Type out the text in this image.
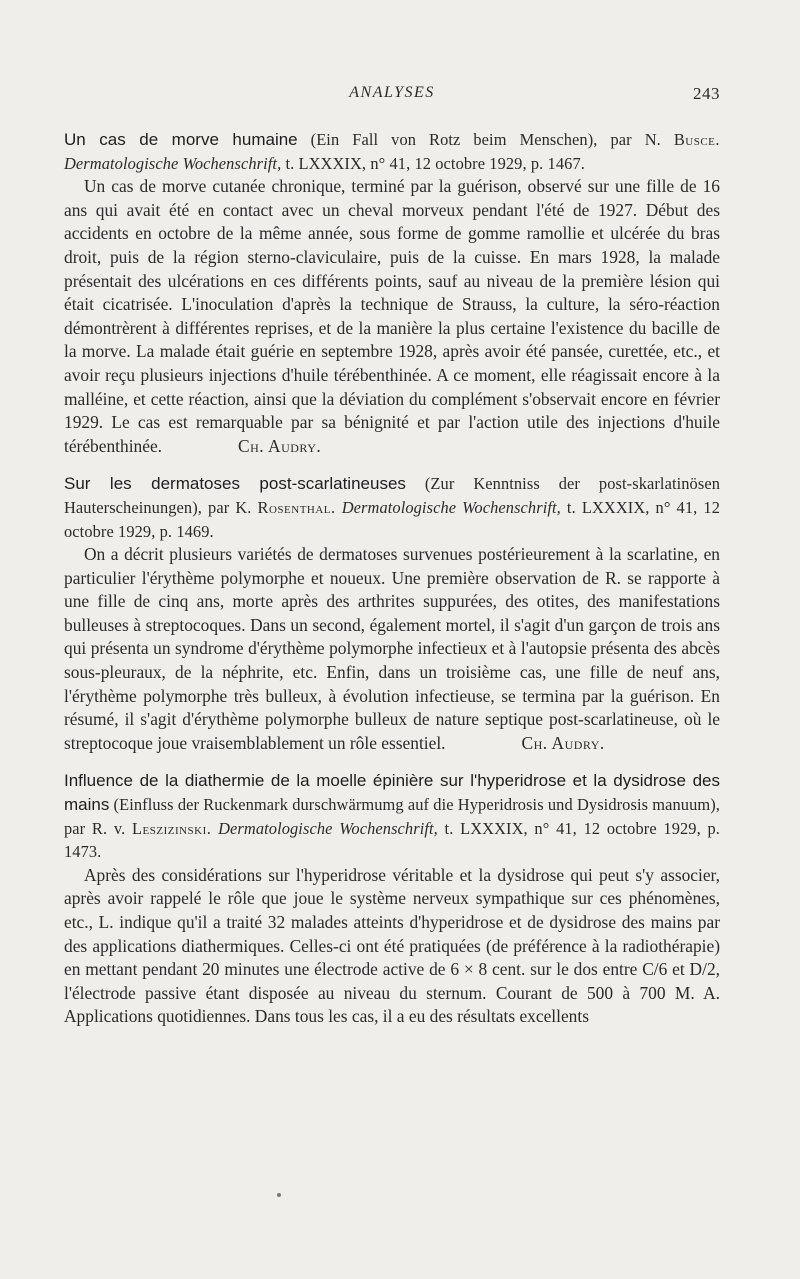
ANALYSES	243

Un cas de morve humaine (Ein Fall von Rotz beim Menschen), par N. Busce. Dermatologische Wochenschrift, t. LXXXIX, n° 41, 12 octobre 1929, p. 1467.

Un cas de morve cutanée chronique, terminé par la guérison, observé sur une fille de 16 ans qui avait été en contact avec un cheval morveux pendant l'été de 1927. Début des accidents en octobre de la même année, sous forme de gomme ramollie et ulcérée du bras droit, puis de la région sterno-claviculaire, puis de la cuisse. En mars 1928, la malade présentait des ulcérations en ces différents points, sauf au niveau de la première lésion qui était cicatrisée. L'inoculation d'après la technique de Strauss, la culture, la séro-réaction démontrèrent à différentes reprises, et de la manière la plus certaine l'existence du bacille de la morve. La malade était guérie en septembre 1928, après avoir été pansée, curettée, etc., et avoir reçu plusieurs injections d'huile térébenthinée. A ce moment, elle réagissait encore à la malléine, et cette réaction, ainsi que la déviation du complément s'observait encore en février 1929. Le cas est remarquable par sa bénignité et par l'action utile des injections d'huile térébenthinée.	Ch. Audry.

Sur les dermatoses post-scarlatineuses (Zur Kenntniss der post-skarlatinösen Hauterscheinungen), par K. Rosenthal. Dermatologische Wochenschrift, t. LXXXIX, n° 41, 12 octobre 1929, p. 1469.

On a décrit plusieurs variétés de dermatoses survenues postérieurement à la scarlatine, en particulier l'érythème polymorphe et noueux. Une première observation de R. se rapporte à une fille de cinq ans, morte après des arthrites suppurées, des otites, des manifestations bulleuses à streptocoques. Dans un second, également mortel, il s'agit d'un garçon de trois ans qui présenta un syndrome d'érythème polymorphe infectieux et à l'autopsie présenta des abcès sous-pleuraux, de la néphrite, etc. Enfin, dans un troisième cas, une fille de neuf ans, l'érythème polymorphe très bulleux, à évolution infectieuse, se termina par la guérison. En résumé, il s'agit d'érythème polymorphe bulleux de nature septique post-scarlatineuse, où le streptocoque joue vraisemblablement un rôle essentiel.	Ch. Audry.

Influence de la diathermie de la moelle épinière sur l'hyperidrose et la dysidrose des mains (Einfluss der Ruckenmark durschwärmumg auf die Hyperidrosis und Dysidrosis manuum), par R. v. Leszizinski. Dermatologische Wochenschrift, t. LXXXIX, n° 41, 12 octobre 1929, p. 1473.

Après des considérations sur l'hyperidrose véritable et la dysidrose qui peut s'y associer, après avoir rappelé le rôle que joue le système nerveux sympathique sur ces phénomènes, etc., L. indique qu'il a traité 32 malades atteints d'hyperidrose et de dysidrose des mains par des applications diathermiques. Celles-ci ont été pratiquées (de préférence à la radiothérapie) en mettant pendant 20 minutes une électrode active de 6 × 8 cent. sur le dos entre C/6 et D/2, l'électrode passive étant disposée au niveau du sternum. Courant de 500 à 700 M. A. Applications quotidiennes. Dans tous les cas, il a eu des résultats excellents
